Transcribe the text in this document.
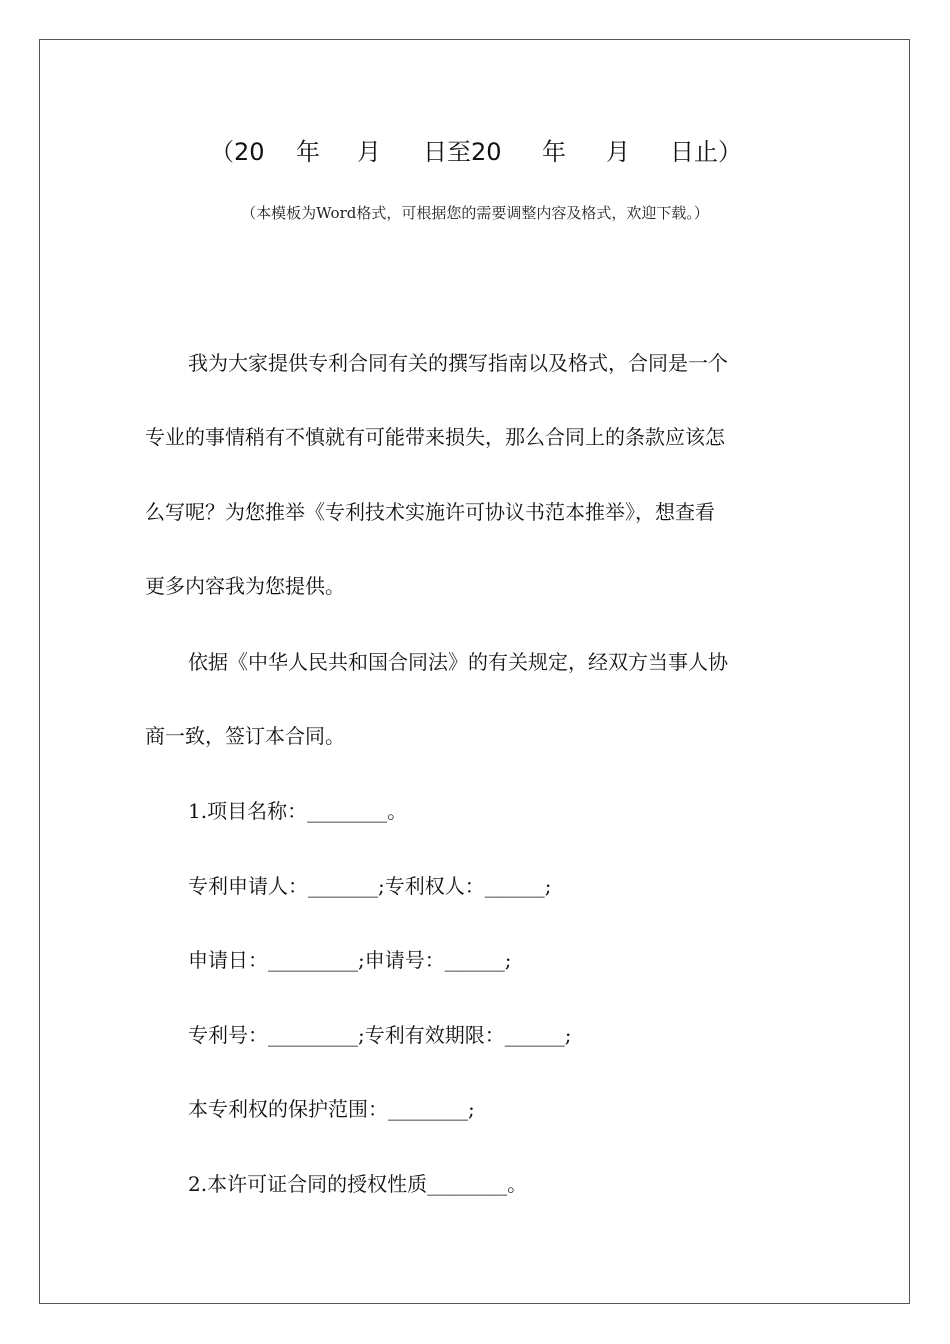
（20 年 月 日至20 年 月 日止）
（本模板为Word格式，可根据您的需要调整内容及格式，欢迎下载。）
我为大家提供专利合同有关的撰写指南以及格式，合同是一个
专业的事情稍有不慎就有可能带来损失，那么合同上的条款应该怎
么写呢？为您推举《专利技术实施许可协议书范本推举》，想查看
更多内容我为您提供。
依据《中华人民共和国合同法》的有关规定，经双方当事人协
商一致，签订本合同。
1.项目名称：________。
专利申请人：_______;专利权人：______;
申请日：_________;申请号：______;
专利号：_________;专利有效期限：______;
本专利权的保护范围：________;
2.本许可证合同的授权性质________。
